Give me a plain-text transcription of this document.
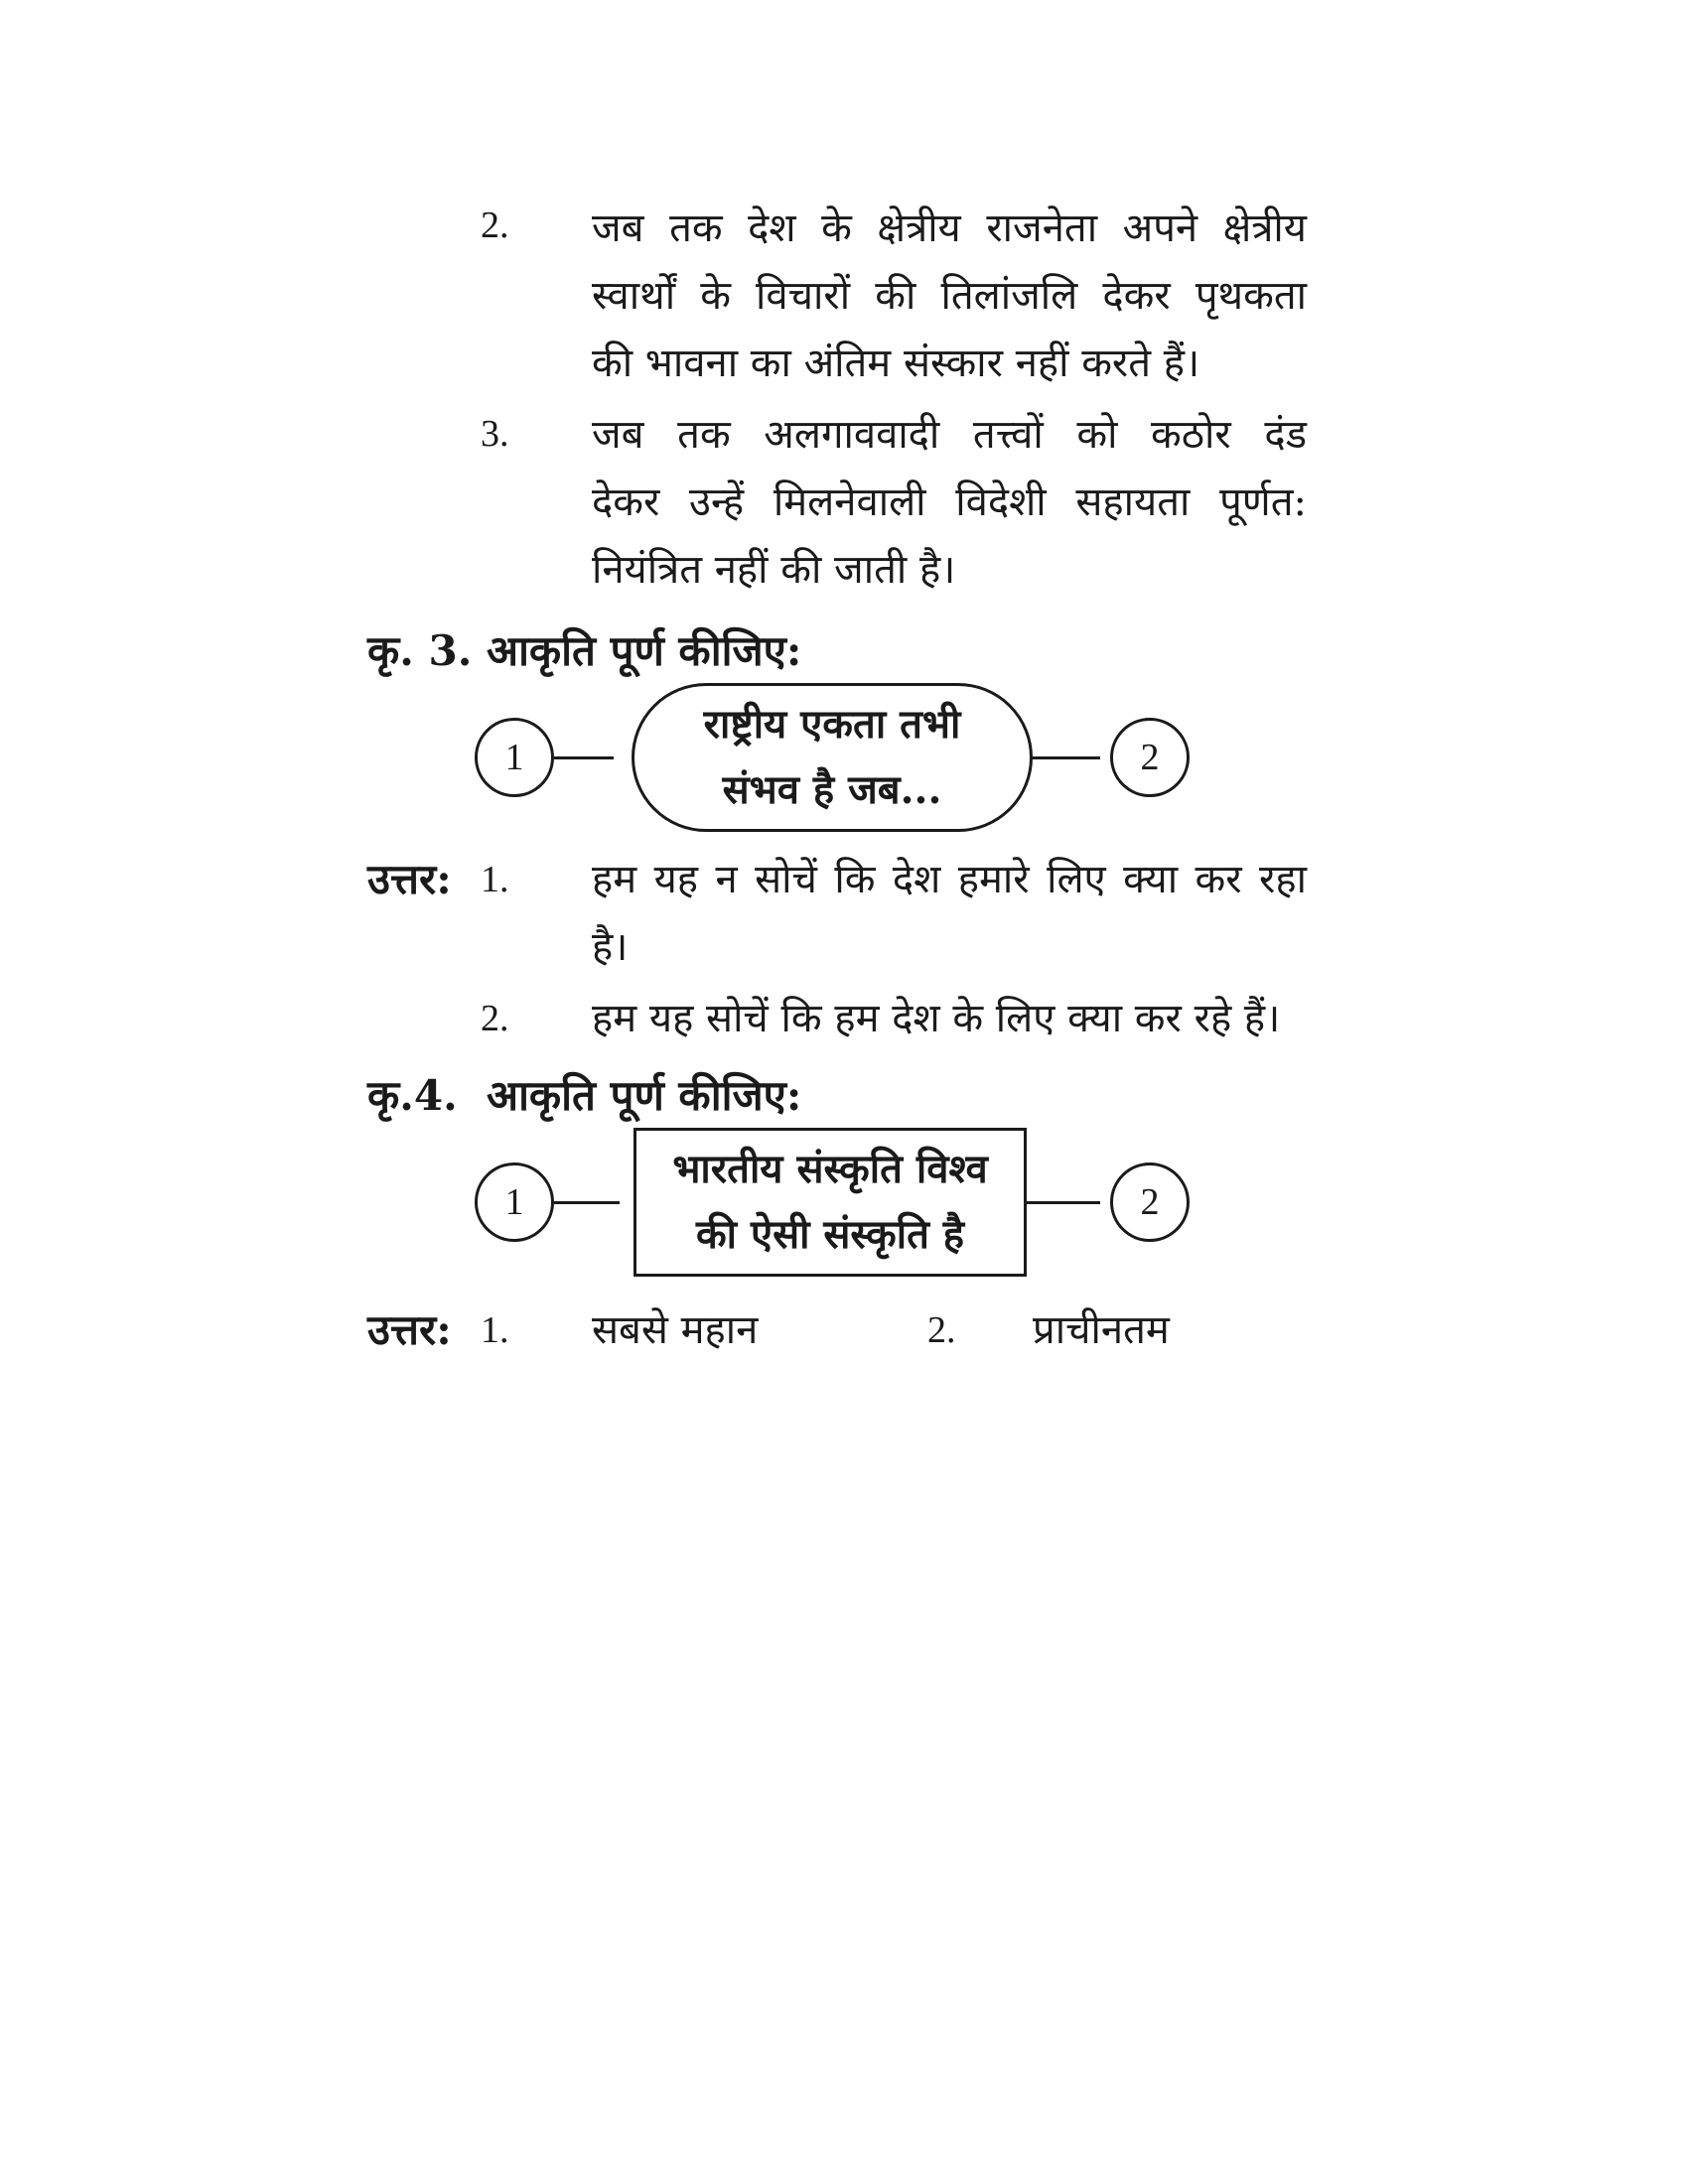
2. जब तक देश के क्षेत्रीय राजनेता अपने क्षेत्रीय
स्वार्थों के विचारों की तिलांजलि देकर पृथकता
की भावना का अंतिम संस्कार नहीं करते हैं।
3. जब तक अलगाववादी तत्त्वों को कठोर दंड
देकर उन्हें मिलनेवाली विदेशी सहायता पूर्णत:
नियंत्रित नहीं की जाती है।
कृ. 3. आकृति पूर्ण कीजिए:
1
राष्ट्रीय एकता तभी
संभव है जब...
2
उत्तर: 1. हम यह न सोचें कि देश हमारे लिए क्या कर रहा
है।
2. हम यह सोचें कि हम देश के लिए क्या कर रहे हैं।
कृ.4.  आकृति पूर्ण कीजिए:
1
भारतीय संस्कृति विश्व
की ऐसी संस्कृति है
2
उत्तर: 1. सबसे महान	2. प्राचीनतम
